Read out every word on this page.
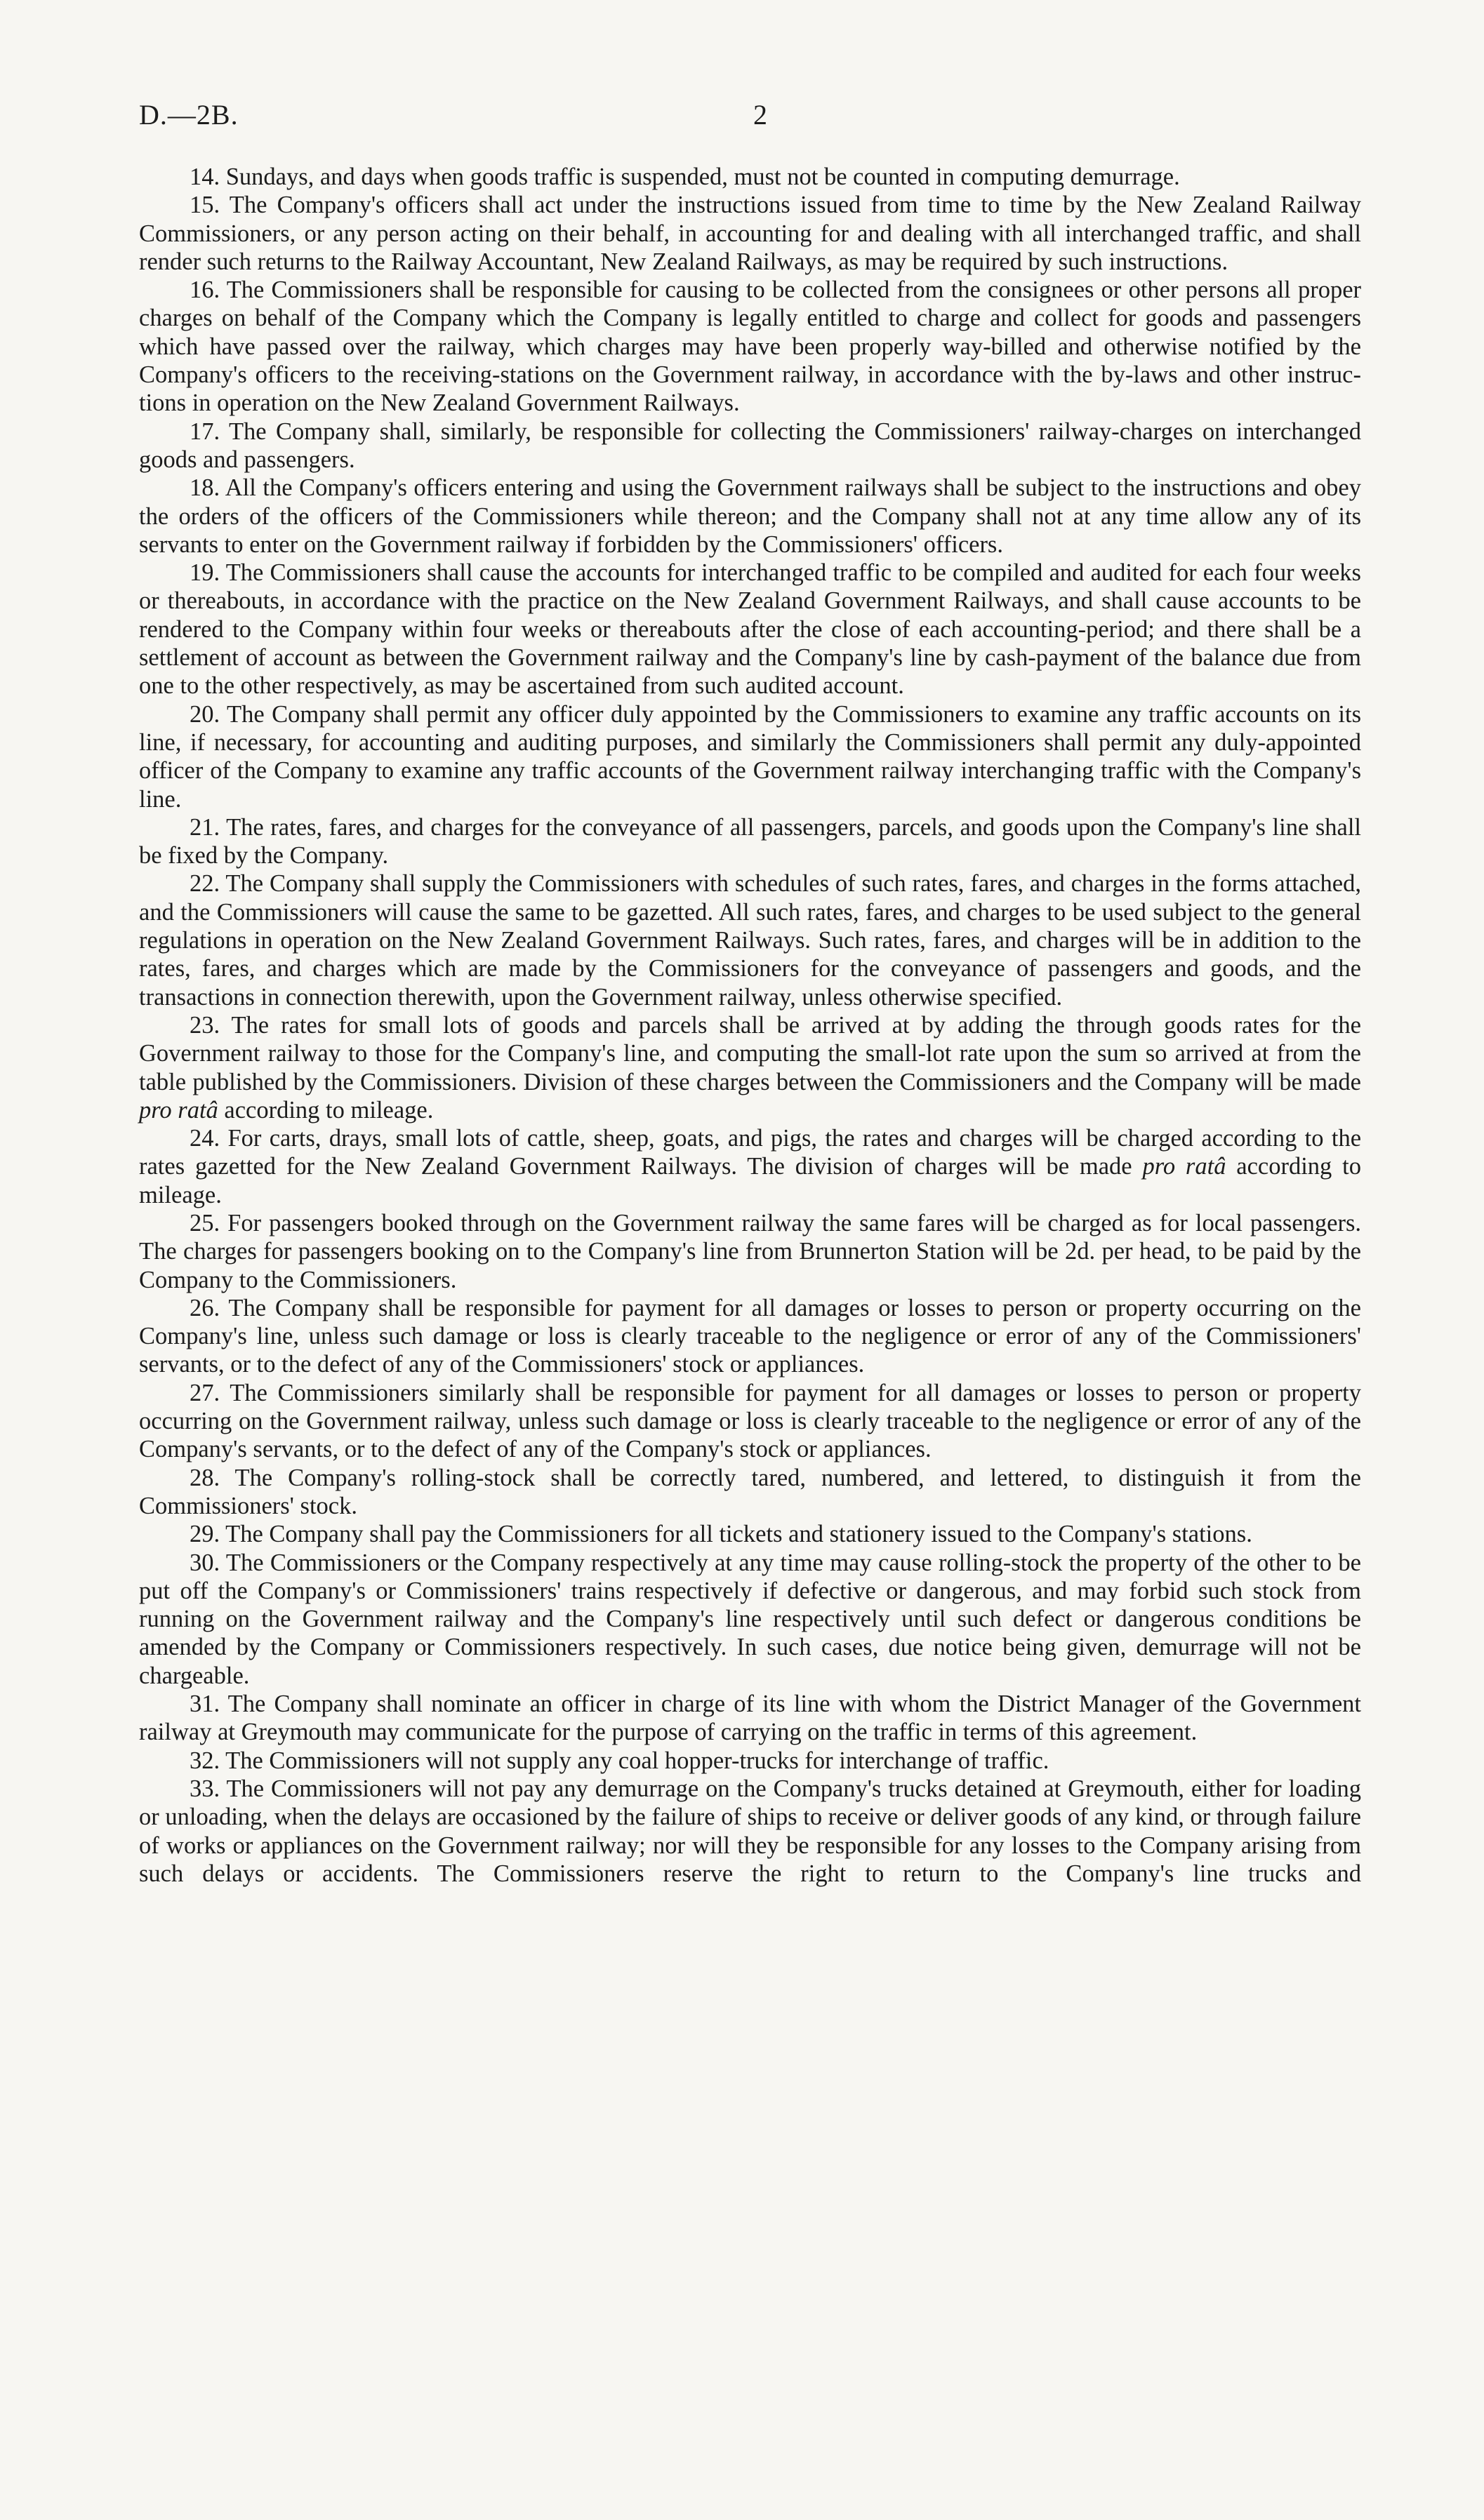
D.—2B.	2

14. Sundays, and days when goods traffic is suspended, must not be counted in computing demurrage.

15. The Company's officers shall act under the instructions issued from time to time by the New Zealand Railway Commissioners, or any person acting on their behalf, in accounting for and dealing with all interchanged traffic, and shall render such returns to the Railway Accountant, New Zealand Railways, as may be required by such instructions.

16. The Commissioners shall be responsible for causing to be collected from the consignees or other persons all proper charges on behalf of the Company which the Company is legally entitled to charge and collect for goods and passengers which have passed over the railway, which charges may have been properly way-billed and otherwise notified by the Company's officers to the receiving-stations on the Government railway, in accordance with the by-laws and other instructions in operation on the New Zealand Government Railways.

17. The Company shall, similarly, be responsible for collecting the Commissioners' railway-charges on interchanged goods and passengers.

18. All the Company's officers entering and using the Government railways shall be subject to the instructions and obey the orders of the officers of the Commissioners while thereon; and the Company shall not at any time allow any of its servants to enter on the Government railway if forbidden by the Commissioners' officers.

19. The Commissioners shall cause the accounts for interchanged traffic to be compiled and audited for each four weeks or thereabouts, in accordance with the practice on the New Zealand Government Railways, and shall cause accounts to be rendered to the Company within four weeks or thereabouts after the close of each accounting-period; and there shall be a settlement of account as between the Government railway and the Company's line by cash-payment of the balance due from one to the other respectively, as may be ascertained from such audited account.

20. The Company shall permit any officer duly appointed by the Commissioners to examine any traffic accounts on its line, if necessary, for accounting and auditing purposes, and similarly the Commissioners shall permit any duly-appointed officer of the Company to examine any traffic accounts of the Government railway interchanging traffic with the Company's line.

21. The rates, fares, and charges for the conveyance of all passengers, parcels, and goods upon the Company's line shall be fixed by the Company.

22. The Company shall supply the Commissioners with schedules of such rates, fares, and charges in the forms attached, and the Commissioners will cause the same to be gazetted. All such rates, fares, and charges to be used subject to the general regulations in operation on the New Zealand Government Railways. Such rates, fares, and charges will be in addition to the rates, fares, and charges which are made by the Commissioners for the conveyance of passengers and goods, and the transactions in connection therewith, upon the Government railway, unless otherwise specified.

23. The rates for small lots of goods and parcels shall be arrived at by adding the through goods rates for the Government railway to those for the Company's line, and computing the small-lot rate upon the sum so arrived at from the table published by the Commissioners. Division of these charges between the Commissioners and the Company will be made pro ratâ according to mileage.

24. For carts, drays, small lots of cattle, sheep, goats, and pigs, the rates and charges will be charged according to the rates gazetted for the New Zealand Government Railways. The division of charges will be made pro ratâ according to mileage.

25. For passengers booked through on the Government railway the same fares will be charged as for local passengers. The charges for passengers booking on to the Company's line from Brunnerton Station will be 2d. per head, to be paid by the Company to the Commissioners.

26. The Company shall be responsible for payment for all damages or losses to person or property occurring on the Company's line, unless such damage or loss is clearly traceable to the negligence or error of any of the Commissioners' servants, or to the defect of any of the Commissioners' stock or appliances.

27. The Commissioners similarly shall be responsible for payment for all damages or losses to person or property occurring on the Government railway, unless such damage or loss is clearly traceable to the negligence or error of any of the Company's servants, or to the defect of any of the Company's stock or appliances.

28. The Company's rolling-stock shall be correctly tared, numbered, and lettered, to distinguish it from the Commissioners' stock.

29. The Company shall pay the Commissioners for all tickets and stationery issued to the Company's stations.

30. The Commissioners or the Company respectively at any time may cause rolling-stock the property of the other to be put off the Company's or Commissioners' trains respectively if defective or dangerous, and may forbid such stock from running on the Government railway and the Company's line respectively until such defect or dangerous conditions be amended by the Company or Commissioners respectively. In such cases, due notice being given, demurrage will not be chargeable.

31. The Company shall nominate an officer in charge of its line with whom the District Manager of the Government railway at Greymouth may communicate for the purpose of carrying on the traffic in terms of this agreement.

32. The Commissioners will not supply any coal hopper-trucks for interchange of traffic.

33. The Commissioners will not pay any demurrage on the Company's trucks detained at Greymouth, either for loading or unloading, when the delays are occasioned by the failure of ships to receive or deliver goods of any kind, or through failure of works or appliances on the Government railway; nor will they be responsible for any losses to the Company arising from such delays or accidents. The Commissioners reserve the right to return to the Company's line trucks and
